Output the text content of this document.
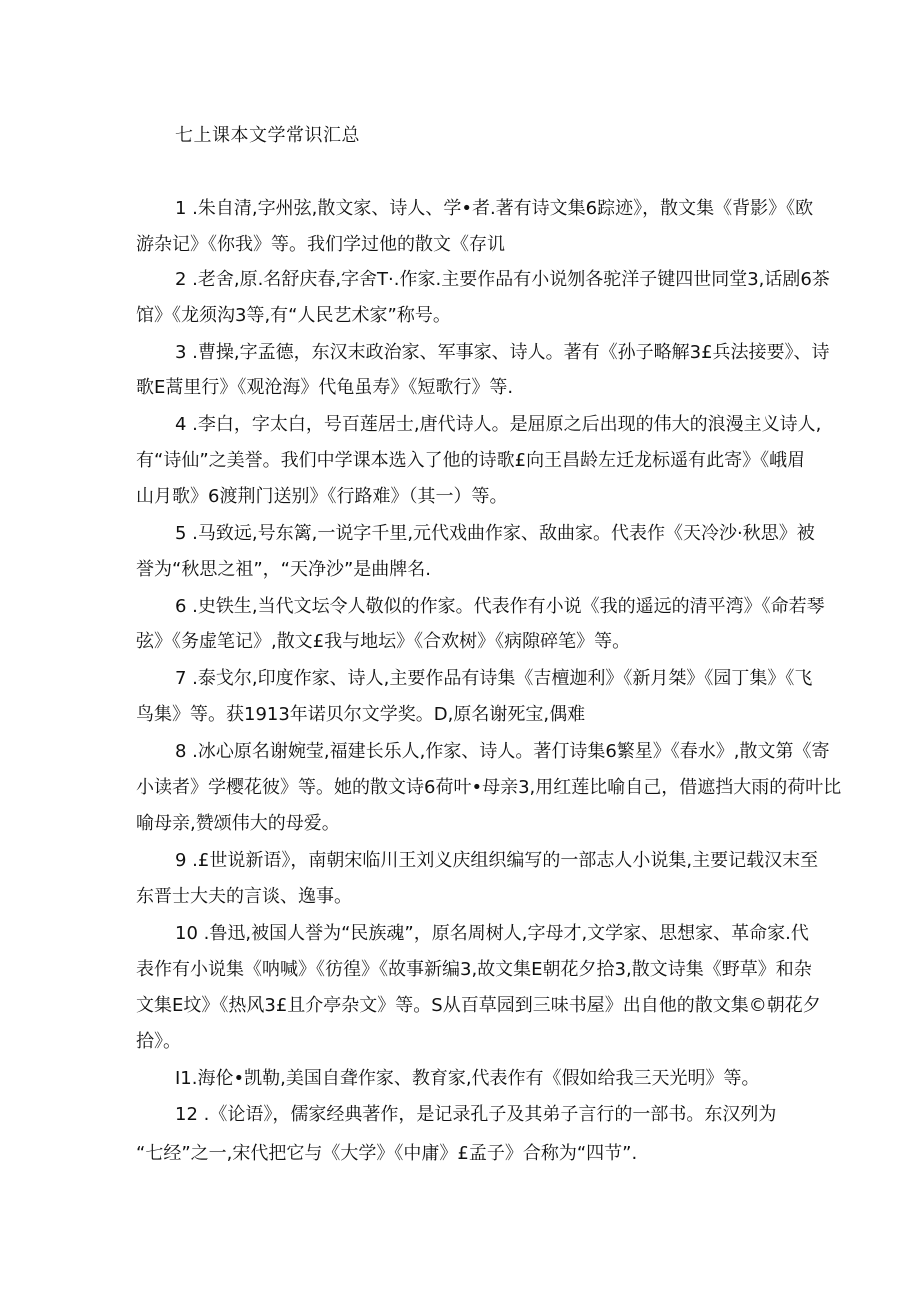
七上课本文学常识汇总
1 .朱自清,字州弦,散文家、诗人、学•者.著有诗文集6踪迹》，散文集《背影》《欧
游杂记》《你我》等。我们学过他的散文《存讥
2 .老舍,原.名舒庆春,字舍T·.作家.主要作品有小说刎各驼洋子键四世同堂3,话剧6茶
馆》《龙须沟3等,有“人民艺术家”称号。
3 .曹操,字孟德，东汉末政治家、军事家、诗人。著有《孙子略解3£兵法接要》、诗
歌E蒿里行》《观沧海》代龟虽寿》《短歌行》等.
4 .李白，字太白，号百莲居士,唐代诗人。是屈原之后出现的伟大的浪漫主义诗人,
有“诗仙”之美誉。我们中学课本选入了他的诗歌£向王昌龄左迁龙标遥有此寄》《峨眉
山月歌》6渡荆门送别》《行路难》（其一）等。
5 .马致远,号东篱,一说字千里,元代戏曲作家、敌曲家。代表作《天冷沙·秋思》被
誉为“秋思之祖”，“天净沙”是曲牌名.
6 .史铁生,当代文坛令人敬似的作家。代表作有小说《我的遥远的清平湾》《命若琴
弦》《务虚笔记》,散文£我与地坛》《合欢树》《病隙碎笔》等。
7 .泰戈尔,印度作家、诗人,主要作品有诗集《吉檀迦利》《新月桀》《园丁集》《飞
鸟集》等。获1913年诺贝尔文学奖。D,原名谢死宝,偶难
8 .冰心原名谢婉莹,福建长乐人,作家、诗人。著仃诗集6繁星》《春水》,散文第《寄
小读者》学樱花彼》等。她的散文诗6荷叶•母亲3,用红莲比喻自己，借遮挡大雨的荷叶比
喻母亲,赞颂伟大的母爱。
9 .£世说新语》，南朝宋临川王刘义庆组织编写的一部志人小说集,主要记载汉末至
东晋士大夫的言谈、逸事。
10 .鲁迅,被国人誉为“民族魂”，原名周树人,字母才,文学家、思想家、革命家.代
表作有小说集《呐喊》《彷徨》《故事新编3,故文集E朝花夕拾3,散文诗集《野草》和杂
文集E坟》《热风3£且介亭杂文》等。S从百草园到三味书屋》出自他的散文集©朝花夕
拾》。
I1.海伦•凯勒,美国自聋作家、教育家,代表作有《假如给我三天光明》等。
12 .《论语》，儒家经典著作，是记录孔子及其弟子言行的一部书。东汉列为
“七经”之一,宋代把它与《大学》《中庸》£孟子》合称为“四节”.
